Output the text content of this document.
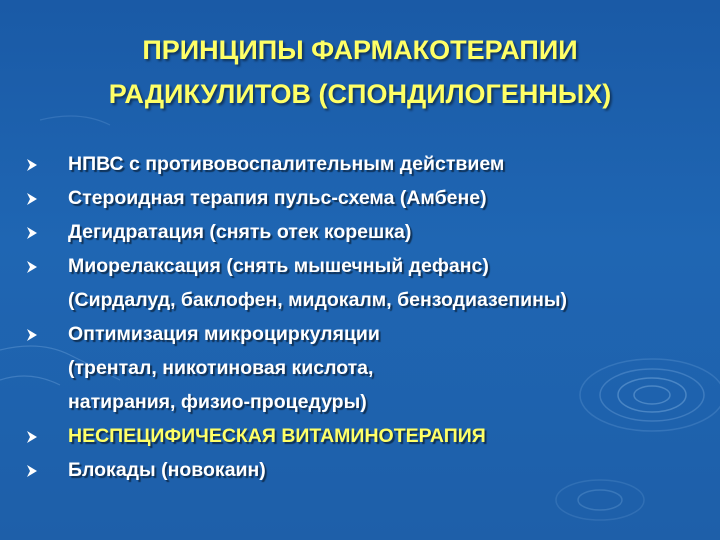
ПРИНЦИПЫ ФАРМАКОТЕРАПИИ
РАДИКУЛИТОВ (СПОНДИЛОГЕННЫХ)
НПВС с противовоспалительным действием
Стероидная терапия пульс-схема (Амбене)
Дегидратация (снять отек корешка)
Миорелаксация (снять мышечный дефанс)
(Сирдалуд, баклофен, мидокалм, бензодиазепины)
Оптимизация микроциркуляции
(трентал, никотиновая кислота,
натирания, физио-процедуры)
НЕСПЕЦИФИЧЕСКАЯ ВИТАМИНОТЕРАПИЯ
Блокады (новокаин)
